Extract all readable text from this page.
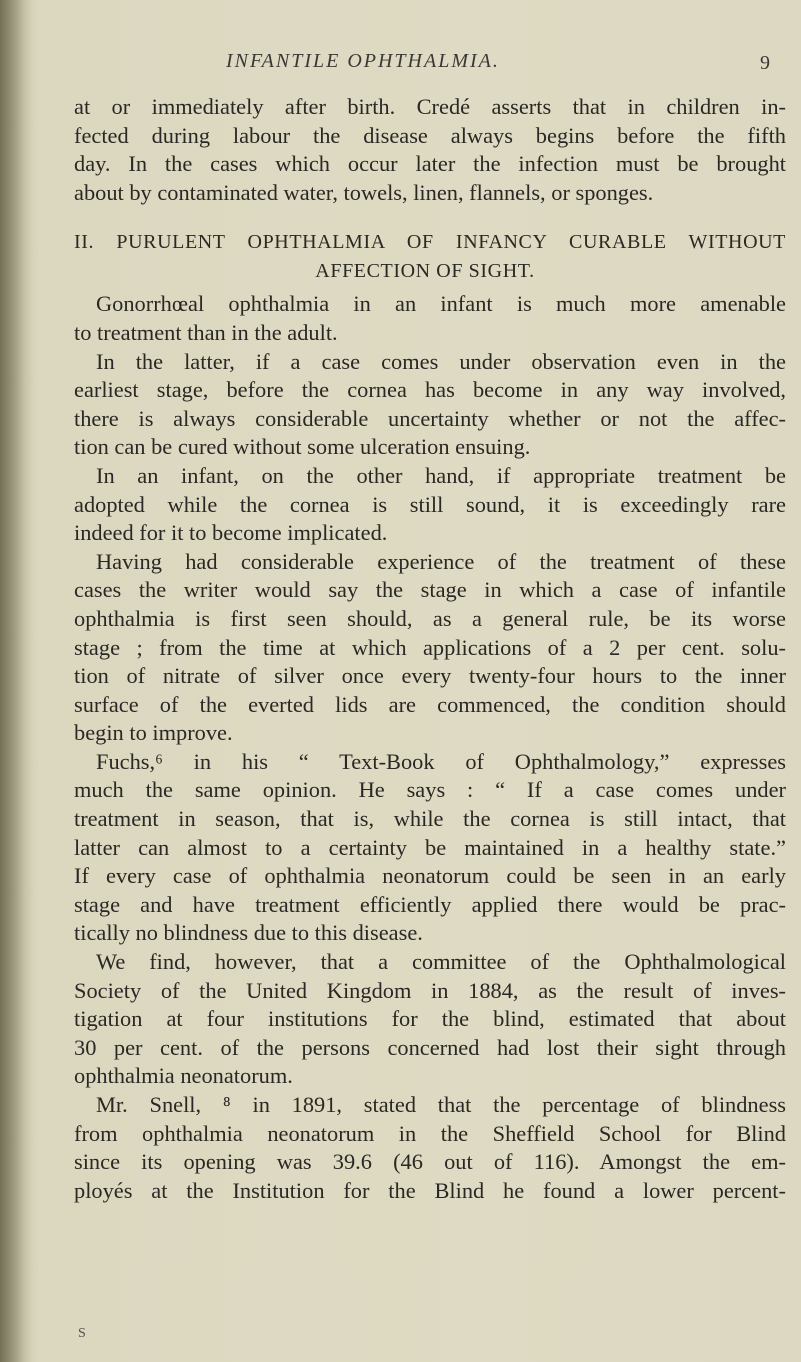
INFANTILE OPHTHALMIA.	9
at or immediately after birth. Credé asserts that in children in-
fected during labour the disease always begins before the fifth
day. In the cases which occur later the infection must be brought
about by contaminated water, towels, linen, flannels, or sponges.
II. PURULENT OPHTHALMIA OF INFANCY CURABLE WITHOUT
AFFECTION OF SIGHT.
Gonorrhœal ophthalmia in an infant is much more amenable
to treatment than in the adult.
In the latter, if a case comes under observation even in the
earliest stage, before the cornea has become in any way involved,
there is always considerable uncertainty whether or not the affec-
tion can be cured without some ulceration ensuing.
In an infant, on the other hand, if appropriate treatment be
adopted while the cornea is still sound, it is exceedingly rare
indeed for it to become implicated.
Having had considerable experience of the treatment of these
cases the writer would say the stage in which a case of infantile
ophthalmia is first seen should, as a general rule, be its worse
stage ; from the time at which applications of a 2 per cent. solu-
tion of nitrate of silver once every twenty-four hours to the inner
surface of the everted lids are commenced, the condition should
begin to improve.
Fuchs,⁶ in his “ Text-Book of Ophthalmology,” expresses
much the same opinion. He says : “ If a case comes under
treatment in season, that is, while the cornea is still intact, that
latter can almost to a certainty be maintained in a healthy state.”
If every case of ophthalmia neonatorum could be seen in an early
stage and have treatment efficiently applied there would be prac-
tically no blindness due to this disease.
We find, however, that a committee of the Ophthalmological
Society of the United Kingdom in 1884, as the result of inves-
tigation at four institutions for the blind, estimated that about
30 per cent. of the persons concerned had lost their sight through
ophthalmia neonatorum.
Mr. Snell, ⁸ in 1891, stated that the percentage of blindness
from ophthalmia neonatorum in the Sheffield School for Blind
since its opening was 39.6 (46 out of 116). Amongst the em-
ployés at the Institution for the Blind he found a lower percent-
S
